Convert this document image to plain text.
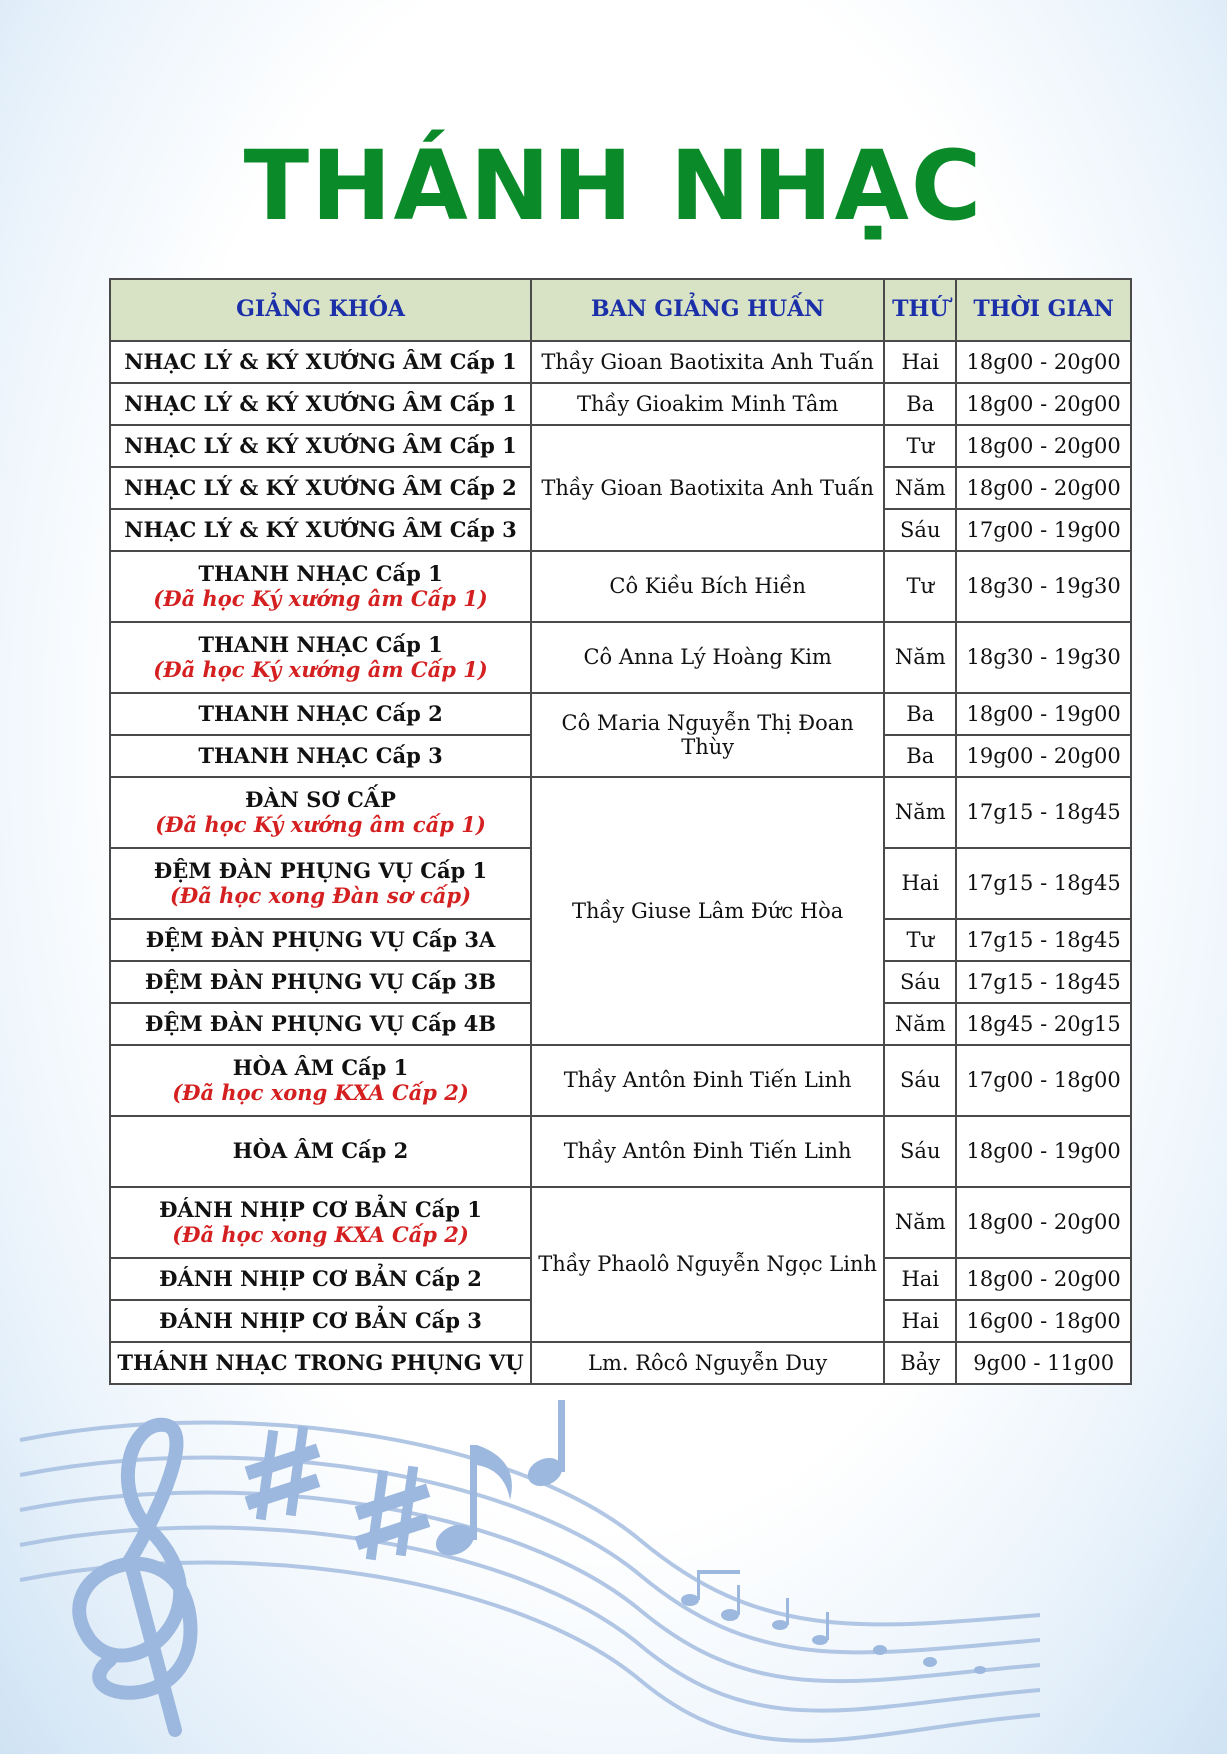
THÁNH NHẠC
GIẢNG KHÓA	BAN GIẢNG HUẤN	THỨ	THỜI GIAN
NHẠC LÝ & KÝ XƯỚNG ÂM Cấp 1	Thầy Gioan Baotixita Anh Tuấn	Hai	18g00 - 20g00
NHẠC LÝ & KÝ XƯỚNG ÂM Cấp 1	Thầy Gioakim Minh Tâm	Ba	18g00 - 20g00
NHẠC LÝ & KÝ XƯỚNG ÂM Cấp 1	Thầy Gioan Baotixita Anh Tuấn	Tư	18g00 - 20g00
NHẠC LÝ & KÝ XƯỚNG ÂM Cấp 2		Năm	18g00 - 20g00
NHẠC LÝ & KÝ XƯỚNG ÂM Cấp 3		Sáu	17g00 - 19g00
THANH NHẠC Cấp 1
(Đã học Ký xướng âm Cấp 1)	Cô Kiều Bích Hiền	Tư	18g30 - 19g30
THANH NHẠC Cấp 1
(Đã học Ký xướng âm Cấp 1)	Cô Anna Lý Hoàng Kim	Năm	18g30 - 19g30
THANH NHẠC Cấp 2	Cô Maria Nguyễn Thị Đoan Thùy	Ba	18g00 - 19g00
THANH NHẠC Cấp 3		Ba	19g00 - 20g00
ĐÀN SƠ CẤP
(Đã học Ký xướng âm cấp 1)	Thầy Giuse Lâm Đức Hòa	Năm	17g15 - 18g45
ĐỆM ĐÀN PHỤNG VỤ Cấp 1
(Đã học xong Đàn sơ cấp)		Hai	17g15 - 18g45
ĐỆM ĐÀN PHỤNG VỤ Cấp 3A		Tư	17g15 - 18g45
ĐỆM ĐÀN PHỤNG VỤ Cấp 3B		Sáu	17g15 - 18g45
ĐỆM ĐÀN PHỤNG VỤ Cấp 4B		Năm	18g45 - 20g15
HÒA ÂM Cấp 1
(Đã học xong KXA Cấp 2)	Thầy Antôn Đinh Tiến Linh	Sáu	17g00 - 18g00
HÒA ÂM Cấp 2	Thầy Antôn Đinh Tiến Linh	Sáu	18g00 - 19g00
ĐÁNH NHỊP CƠ BẢN Cấp 1
(Đã học xong KXA Cấp 2)	Thầy Phaolô Nguyễn Ngọc Linh	Năm	18g00 - 20g00
ĐÁNH NHỊP CƠ BẢN Cấp 2		Hai	18g00 - 20g00
ĐÁNH NHỊP CƠ BẢN Cấp 3		Hai	16g00 - 18g00
THÁNH NHẠC TRONG PHỤNG VỤ	Lm. Rôcô Nguyễn Duy	Bảy	9g00 - 11g00
